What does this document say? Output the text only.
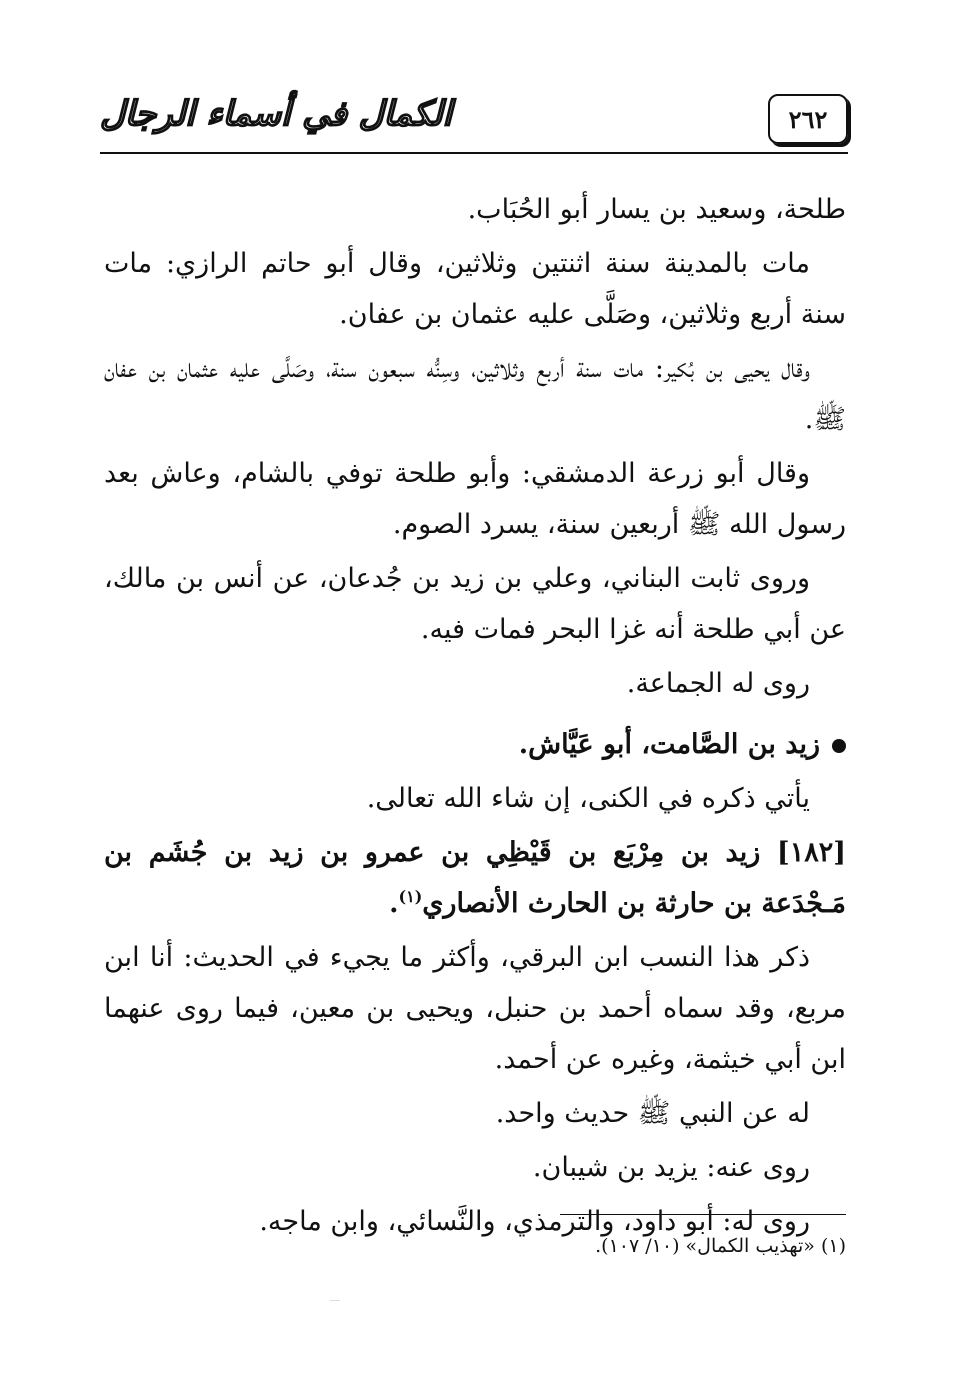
الكمال في أسماء الرجال	٢٦٢

طلحة، وسعيد بن يسار أبو الحُبَاب.

مات بالمدينة سنة اثنتين وثلاثين، وقال أبو حاتم الرازي: مات سنة أربع وثلاثين، وصَلَّى عليه عثمان بن عفان.

وقال يحيى بن بُكير: مات سنة أربع وثلاثين، وسِنُّه سبعون سنة، وصَلَّى عليه عثمان بن عفان ﷺ.

وقال أبو زرعة الدمشقي: وأبو طلحة توفي بالشام، وعاش بعد رسول الله ﷺ أربعين سنة، يسرد الصوم.

وروى ثابت البناني، وعلي بن زيد بن جُدعان، عن أنس بن مالك، عن أبي طلحة أنه غزا البحر فمات فيه.

روى له الجماعة.

زيد بن الصَّامت، أبو عَيَّاش.

يأتي ذكره في الكنى، إن شاء الله تعالى.

[١٨٢] زيد بن مِرْبَع بن قَيْظِي بن عمرو بن زيد بن جُشَم بن مَـجْدَعة بن حارثة بن الحارث الأنصاري$^{(١)}$.

ذكر هذا النسب ابن البرقي، وأكثر ما يجيء في الحديث: أنا ابن مربع، وقد سماه أحمد بن حنبل، ويحيى بن معين، فيما روى عنهما ابن أبي خيثمة، وغيره عن أحمد.

له عن النبي ﷺ حديث واحد.

روى عنه: يزيد بن شيبان.

روى له: أبو داود، والترمذي، والنَّسائي، وابن ماجه.

(١) «تهذيب الكمال» (١٠/ ١٠٧).
